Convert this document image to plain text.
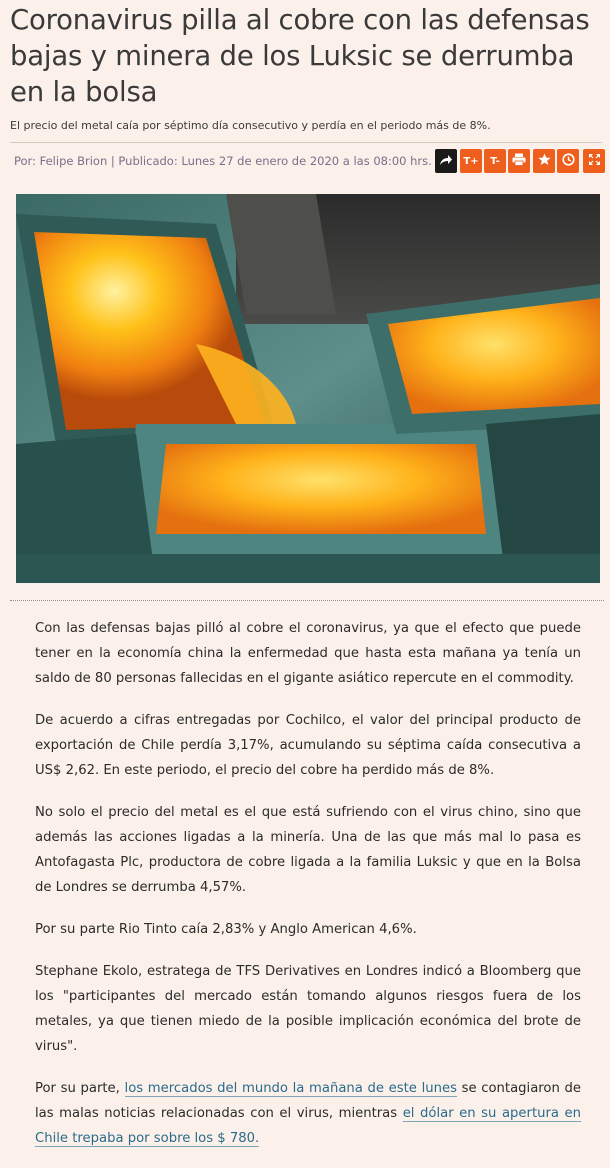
Coronavirus pilla al cobre con las defensas bajas y minera de los Luksic se derrumba en la bolsa
El precio del metal caía por séptimo día consecutivo y perdía en el periodo más de 8%.
Por: Felipe Brion | Publicado: Lunes 27 de enero de 2020 a las 08:00 hrs.	T+	T-

Con las defensas bajas pilló al cobre el coronavirus, ya que el efecto que puede tener en la economía china la enfermedad que hasta esta mañana ya tenía un saldo de 80 personas fallecidas en el gigante asiático repercute en el commodity.

De acuerdo a cifras entregadas por Cochilco, el valor del principal producto de exportación de Chile perdía 3,17%, acumulando su séptima caída consecutiva a US$ 2,62. En este periodo, el precio del cobre ha perdido más de 8%.

No solo el precio del metal es el que está sufriendo con el virus chino, sino que además las acciones ligadas a la minería. Una de las que más mal lo pasa es Antofagasta Plc, productora de cobre ligada a la familia Luksic y que en la Bolsa de Londres se derrumba 4,57%.

Por su parte Rio Tinto caía 2,83% y Anglo American 4,6%.

Stephane Ekolo, estratega de TFS Derivatives en Londres indicó a Bloomberg que los "participantes del mercado están tomando algunos riesgos fuera de los metales, ya que tienen miedo de la posible implicación económica del brote de virus".

Por su parte, los mercados del mundo la mañana de este lunes se contagiaron de las malas noticias relacionadas con el virus, mientras el dólar en su apertura en Chile trepaba por sobre los $ 780.
